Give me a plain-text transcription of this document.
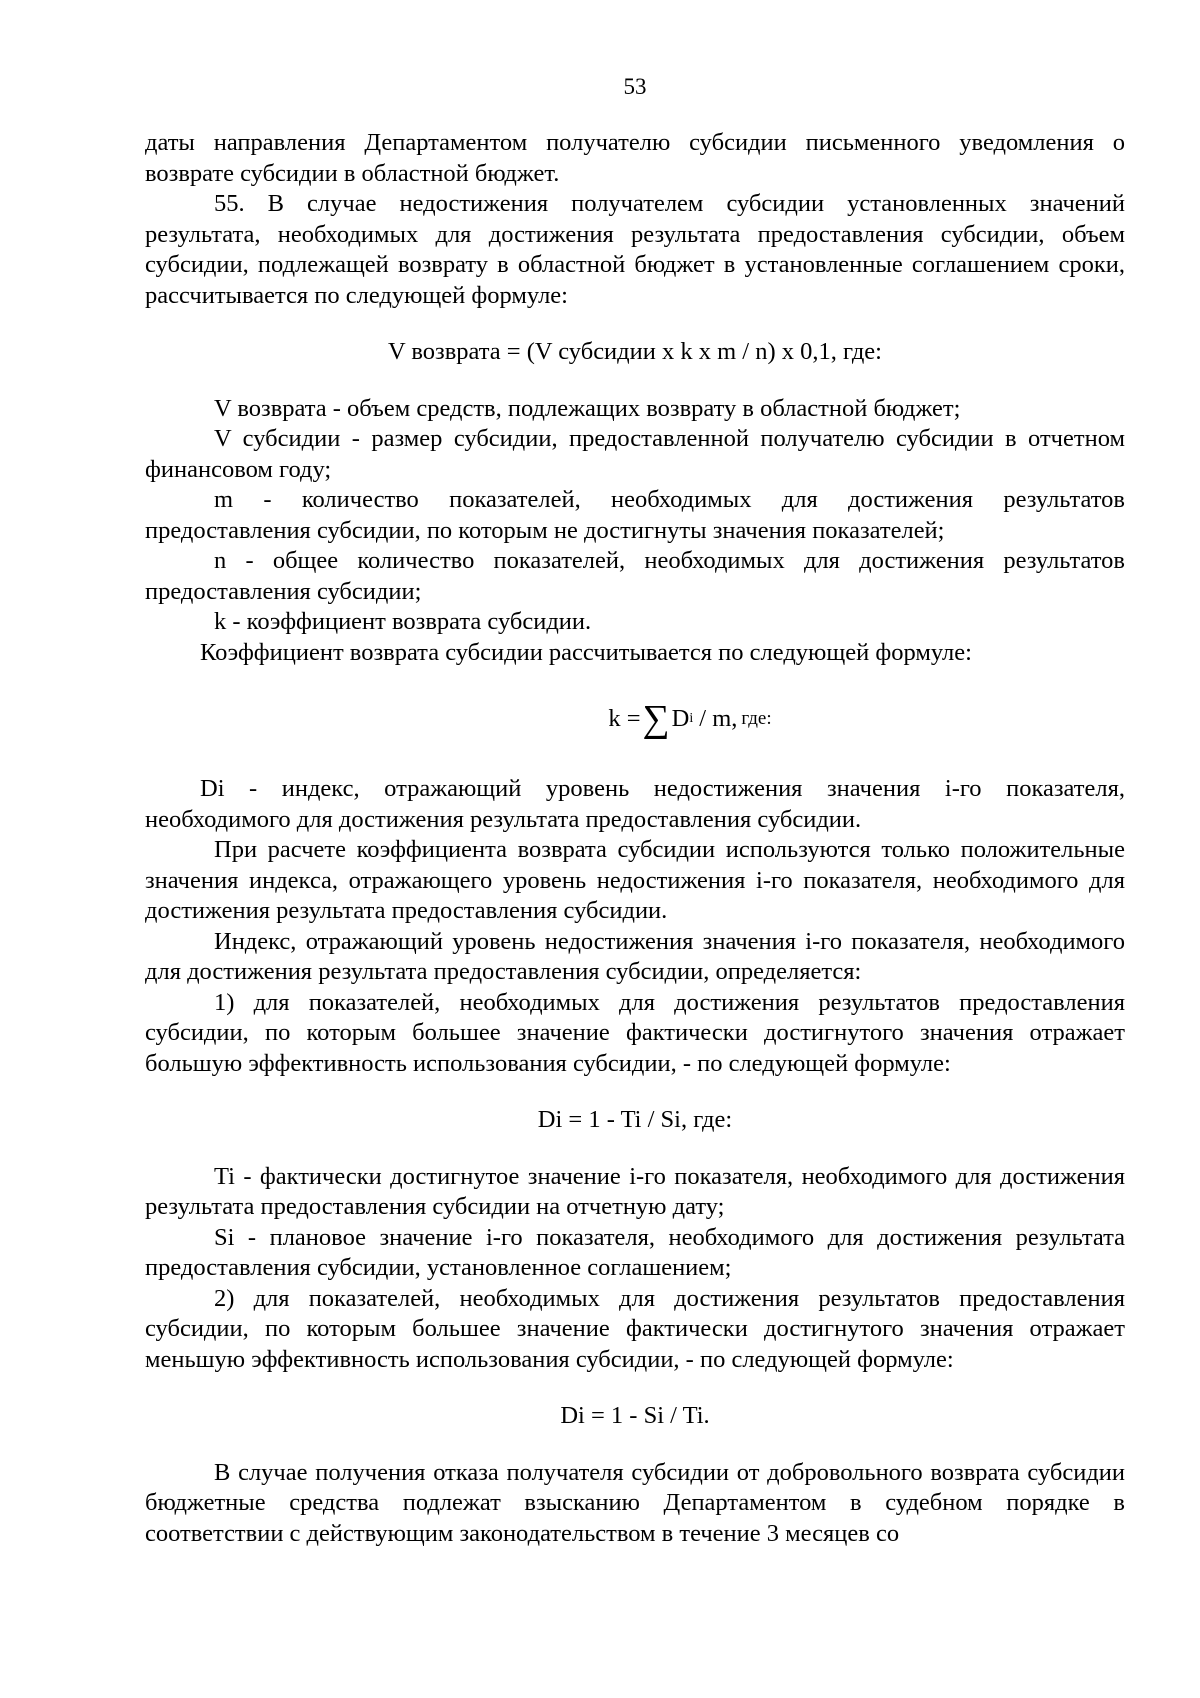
53

даты направления Департаментом получателю субсидии письменного уведомления о возврате субсидии в областной бюджет.

55. В случае недостижения получателем субсидии установленных значений результата, необходимых для достижения результата предоставления субсидии, объем субсидии, подлежащей возврату в областной бюджет в установленные соглашением сроки, рассчитывается по следующей формуле:

V возврата = (V субсидии x k x m / n) x 0,1, где:

V возврата - объем средств, подлежащих возврату в областной бюджет;

V субсидии - размер субсидии, предоставленной получателю субсидии в отчетном финансовом году;

m - количество показателей, необходимых для достижения результатов предоставления субсидии, по которым не достигнуты значения показателей;

n - общее количество показателей, необходимых для достижения результатов предоставления субсидии;

k - коэффициент возврата субсидии.

Коэффициент возврата субсидии рассчитывается по следующей формуле:

k = ∑ D i / m, где:

Di - индекс, отражающий уровень недостижения значения i-го показателя, необходимого для достижения результата предоставления субсидии.

При расчете коэффициента возврата субсидии используются только положительные значения индекса, отражающего уровень недостижения i-го показателя, необходимого для достижения результата предоставления субсидии.

Индекс, отражающий уровень недостижения значения i-го показателя, необходимого для достижения результата предоставления субсидии, определяется:

1) для показателей, необходимых для достижения результатов предоставления субсидии, по которым большее значение фактически достигнутого значения отражает большую эффективность использования субсидии, - по следующей формуле:

Di = 1 - Ti / Si, где:

Ti - фактически достигнутое значение i-го показателя, необходимого для достижения результата предоставления субсидии на отчетную дату;

Si - плановое значение i-го показателя, необходимого для достижения результата предоставления субсидии, установленное соглашением;

2) для показателей, необходимых для достижения результатов предоставления субсидии, по которым большее значение фактически достигнутого значения отражает меньшую эффективность использования субсидии, - по следующей формуле:

Di = 1 - Si / Ti.

В случае получения отказа получателя субсидии от добровольного возврата субсидии бюджетные средства подлежат взысканию Департаментом в судебном порядке в соответствии с действующим законодательством в течение 3 месяцев со
